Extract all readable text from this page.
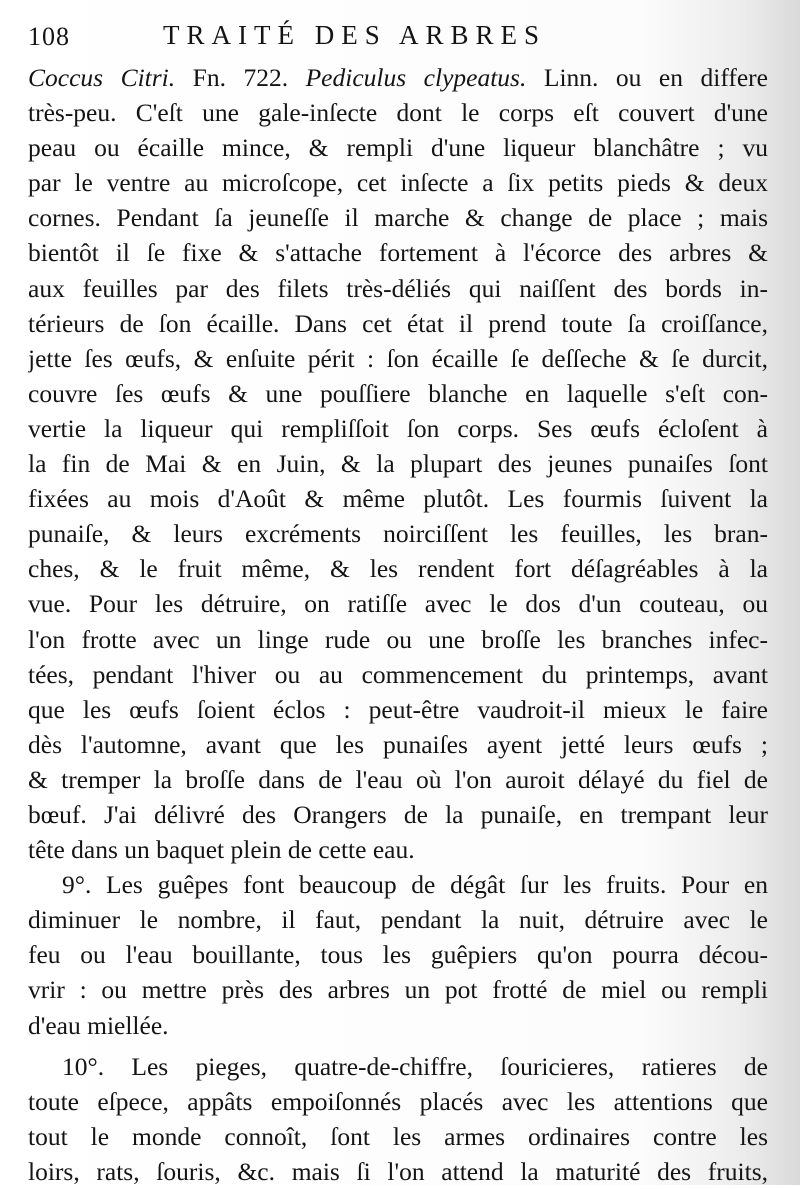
108	TRAITÉ DES ARBRES
Coccus Citri. Fn. 722. Pediculus clypeatus. Linn. ou en differe
très-peu. C'eſt une gale-inſecte dont le corps eſt couvert d'une
peau ou écaille mince, & rempli d'une liqueur blanchâtre ; vu
par le ventre au microſcope, cet inſecte a ſix petits pieds & deux
cornes. Pendant ſa jeuneſſe il marche & change de place ; mais
bientôt il ſe fixe & s'attache fortement à l'écorce des arbres &
aux feuilles par des filets très-déliés qui naiſſent des bords in-
térieurs de ſon écaille. Dans cet état il prend toute ſa croiſſance,
jette ſes œufs, & enſuite périt : ſon écaille ſe deſſeche & ſe durcit,
couvre ſes œufs & une pouſſiere blanche en laquelle s'eſt con-
vertie la liqueur qui rempliſſoit ſon corps. Ses œufs écloſent à
la fin de Mai & en Juin, & la plupart des jeunes punaiſes ſont
fixées au mois d'Août & même plutôt. Les fourmis ſuivent la
punaiſe, & leurs excréments noirciſſent les feuilles, les bran-
ches, & le fruit même, & les rendent fort déſagréables à la
vue. Pour les détruire, on ratiſſe avec le dos d'un couteau, ou
l'on frotte avec un linge rude ou une broſſe les branches infec-
tées, pendant l'hiver ou au commencement du printemps, avant
que les œufs ſoient éclos : peut-être vaudroit-il mieux le faire
dès l'automne, avant que les punaiſes ayent jetté leurs œufs ;
& tremper la broſſe dans de l'eau où l'on auroit délayé du fiel de
bœuf. J'ai délivré des Orangers de la punaiſe, en trempant leur
tête dans un baquet plein de cette eau.
9°. Les guêpes font beaucoup de dégât ſur les fruits. Pour en
diminuer le nombre, il faut, pendant la nuit, détruire avec le
feu ou l'eau bouillante, tous les guêpiers qu'on pourra décou-
vrir : ou mettre près des arbres un pot frotté de miel ou rempli
d'eau miellée.
10°. Les pieges, quatre-de-chiffre, ſouricieres, ratieres de
toute eſpece, appâts empoiſonnés placés avec les attentions que
tout le monde connoît, ſont les armes ordinaires contre les
loirs, rats, ſouris, &c. mais ſi l'on attend la maturité des fruits,
